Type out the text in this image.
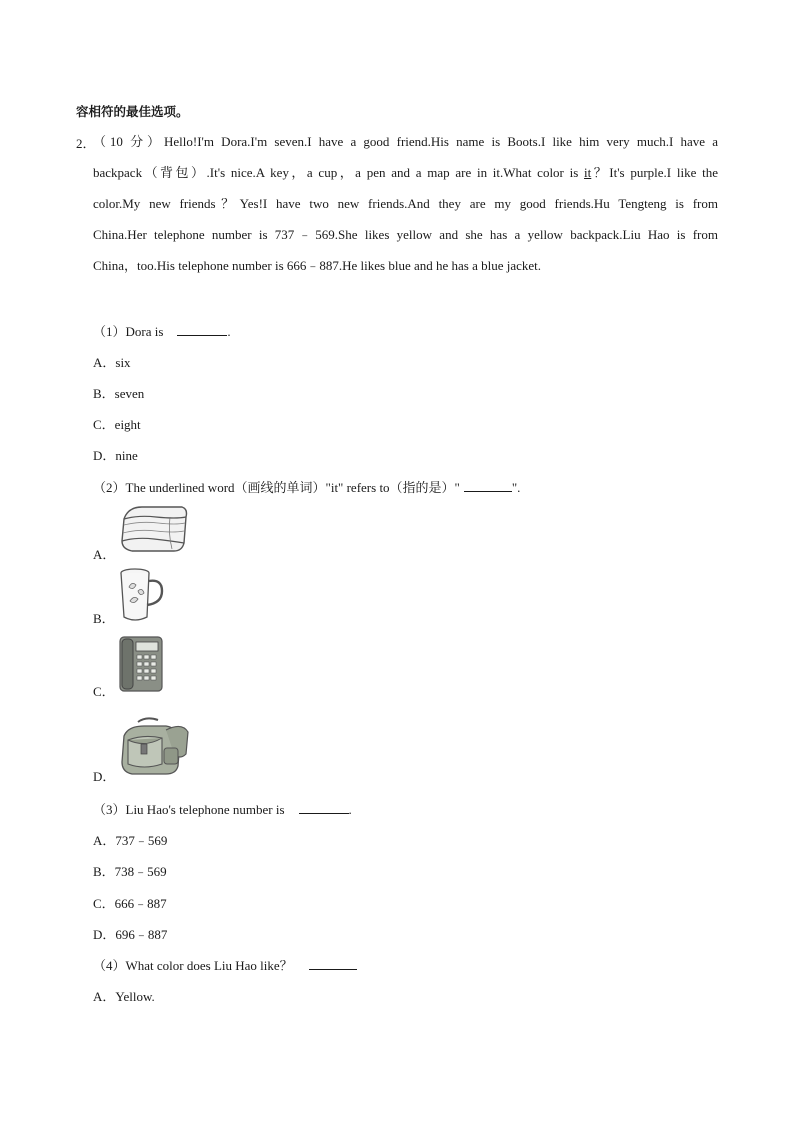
容相符的最佳选项。
2．
（10 分）Hello!I'm Dora.I'm seven.I have a good friend.His name is Boots.I like him very much.I have a
backpack（背包）.It's nice.A key，a cup，a pen and a map are in it.What color is it？It's purple.I like the
color.My new friends？Yes!I have two new friends.And they are my good friends.Hu Tengteng is from
China.Her telephone number is 737﹣569.She likes yellow and she has a yellow backpack.Liu Hao is from
China，too.His telephone number is 666﹣887.He likes blue and he has a blue jacket.
（1）Dora is	.
A．six
B．seven
C．eight
D．nine
（2）The underlined word（画线的单词）"it" refers to（指的是）"	".
A．
B．
C．
D．
（3）Liu Hao's telephone number is	.
A．737﹣569
B．738﹣569
C．666﹣887
D．696﹣887
（4）What color does Liu Hao like？
A．Yellow.
